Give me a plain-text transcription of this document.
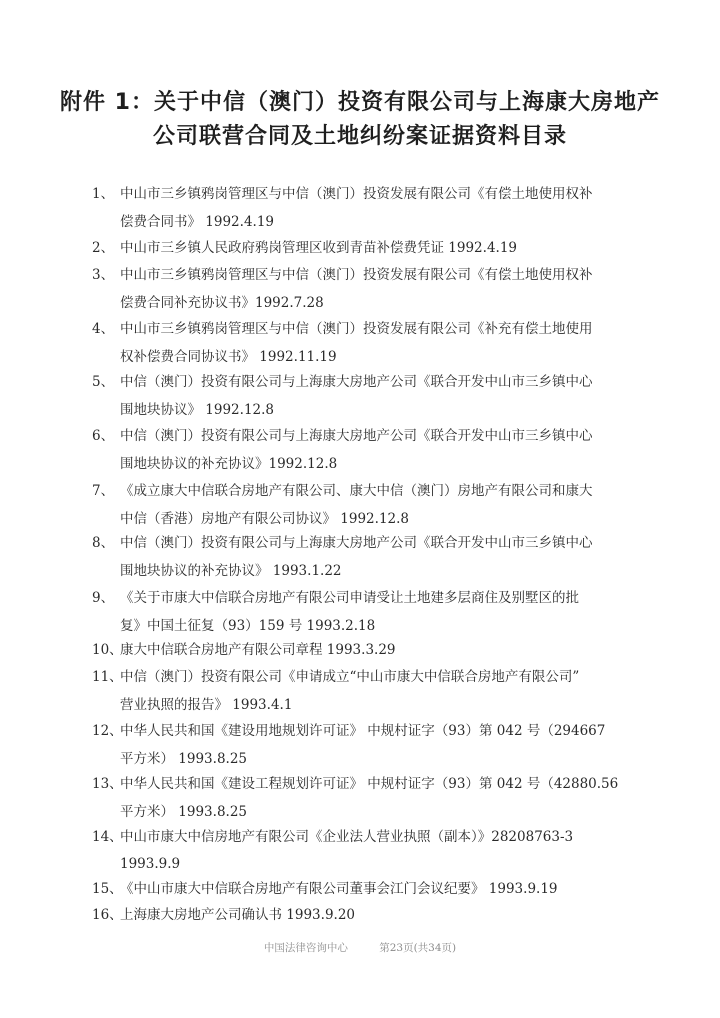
附件 1：关于中信（澳门）投资有限公司与上海康大房地产
公司联营合同及土地纠纷案证据资料目录
1、 中山市三乡镇鸦岗管理区与中信（澳门）投资发展有限公司《有偿土地使用权补
偿费合同书》 1992.4.19
2、 中山市三乡镇人民政府鸦岗管理区收到青苗补偿费凭证 1992.4.19
3、 中山市三乡镇鸦岗管理区与中信（澳门）投资发展有限公司《有偿土地使用权补
偿费合同补充协议书》1992.7.28
4、 中山市三乡镇鸦岗管理区与中信（澳门）投资发展有限公司《补充有偿土地使用
权补偿费合同协议书》 1992.11.19
5、 中信（澳门）投资有限公司与上海康大房地产公司《联合开发中山市三乡镇中心
围地块协议》 1992.12.8
6、 中信（澳门）投资有限公司与上海康大房地产公司《联合开发中山市三乡镇中心
围地块协议的补充协议》1992.12.8
7、 《成立康大中信联合房地产有限公司、康大中信（澳门）房地产有限公司和康大
中信（香港）房地产有限公司协议》 1992.12.8
8、 中信（澳门）投资有限公司与上海康大房地产公司《联合开发中山市三乡镇中心
围地块协议的补充协议》 1993.1.22
9、 《关于市康大中信联合房地产有限公司申请受让土地建多层商住及别墅区的批
复》中国土征复（93）159 号 1993.2.18
10、
康大中信联合房地产有限公司章程 1993.3.29
11、
中信（澳门）投资有限公司《申请成立“中山市康大中信联合房地产有限公司”
营业执照的报告》 1993.4.1
12、
中华人民共和国《建设用地规划许可证》 中规村证字（93）第 042 号（294667
平方米） 1993.8.25
13、
中华人民共和国《建设工程规划许可证》 中规村证字（93）第 042 号（42880.56
平方米） 1993.8.25
14、
中山市康大中信房地产有限公司《企业法人营业执照（副本）》28208763-3
1993.9.9
15、
《中山市康大中信联合房地产有限公司董事会江门会议纪要》 1993.9.19
16、
上海康大房地产公司确认书 1993.9.20
中国法律咨询中心	第23页(共34页)
